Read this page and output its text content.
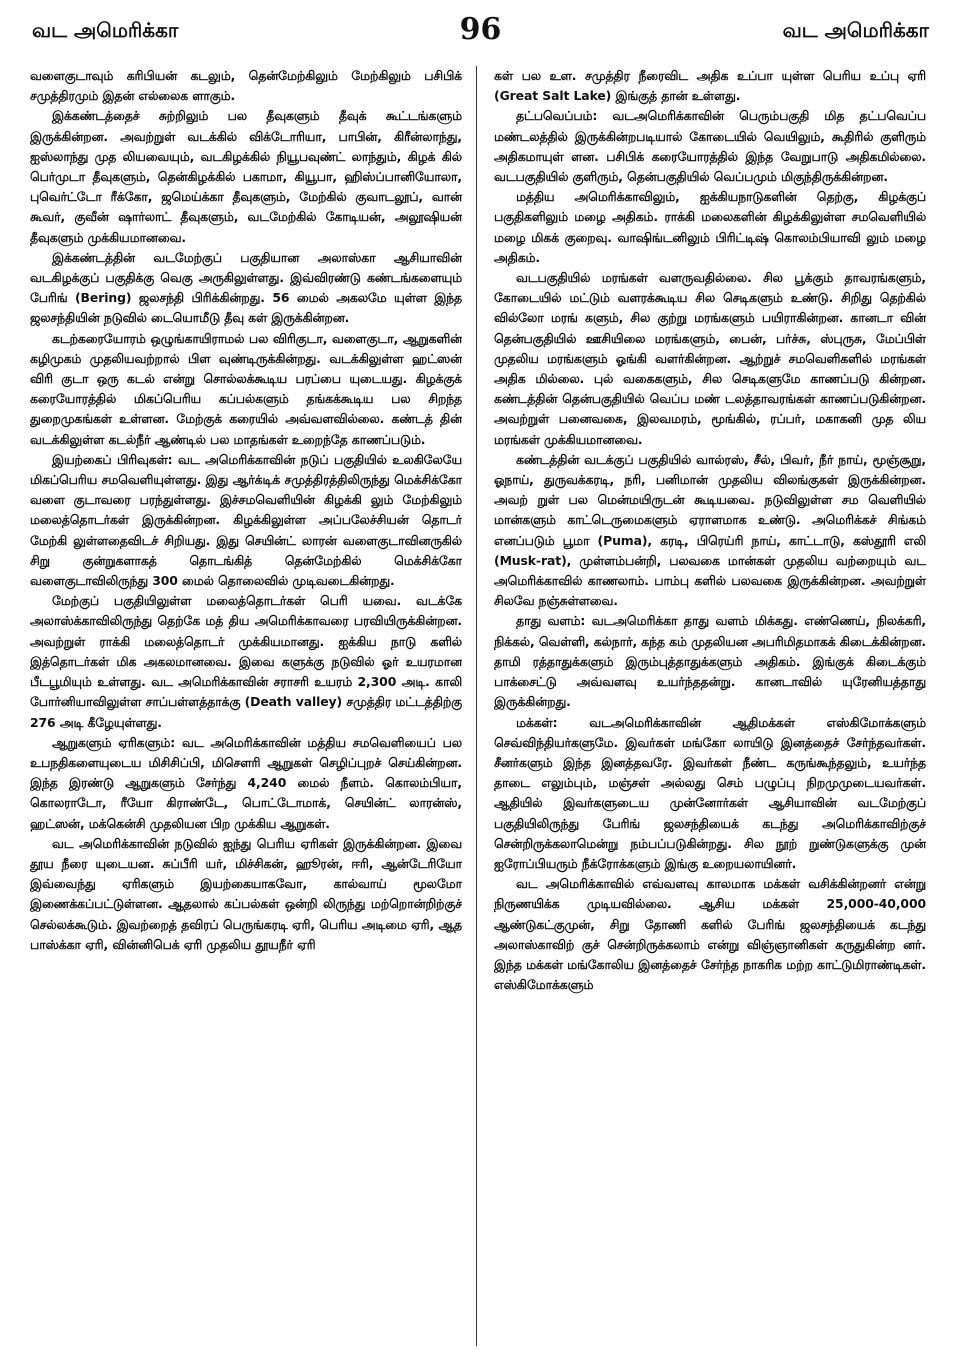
வட அமெரிக்கா	96	வட அமெரிக்கா

வளைகுடாவும் கரிபியன் கடலும், தென்மேற்கிலும் மேற்கிலும் பசிபிக் சமுத்திரமும் இதன் எல்லைக ளாகும்.

இக்கண்டத்தைச் சுற்றிலும் பல தீவுகளும் தீவுக் கூட்டங்களும் இருக்கின்றன. அவற்றுள் வடக்கில் விக்டோரியா, பாபின், கிரீன்லாந்து, ஐஸ்லாந்து முத லியவையும், வடகிழக்கில் நியூபவுண்ட் லாந்தும், கிழக் கில் பெர்முடா தீவுகளும், தென்கிழக்கில் பகாமா, கியூபா, ஹிஸ்ப்பானியோலா, புவெர்ட்டோ ரீக்கோ, ஜமெய்க்கா தீவுகளும், மேற்கில் குவாடலூப், வான் கூவர், குவீன் ஷார்லாட் தீவுகளும், வடமேற்கில் கோடியன், அலூஷியன் தீவுகளும் முக்கியமானவை.

இக்கண்டத்தின் வடமேற்குப் பகுதியான அலாஸ்கா ஆசியாவின் வடகிழக்குப் பகுதிக்கு வெகு அருகிலுள்ளது. இவ்விரண்டு கண்டங்களையும் பேரிங் (Bering) ஜலசந்தி பிரிக்கின்றது. 56 மைல் அகலமே யுள்ள இந்த ஜலசந்தியின் நடுவில் டையொமீடு தீவு கள் இருக்கின்றன.

கடற்கரையோரம் ஒழுங்காயிராமல் பல விரிகுடா, வளைகுடா, ஆறுகளின் கழிமுகம் முதலியவற்றால் பிள வுண்டிருக்கின்றது. வடக்கிலுள்ள ஹட்ஸன் விரி குடா ஒரு கடல் என்று சொல்லக்கூடிய பரப்பை யுடையது. கிழக்குக் கரையோரத்தில் மிகப்பெரிய கப்பல்களும் தங்கக்கூடிய பல சிறந்த துறைமுகங்கள் உள்ளன. மேற்குக் கரையில் அவ்வளவில்லை. கண்டத் தின் வடக்கிலுள்ள கடல்நீர் ஆண்டில் பல மாதங்கள் உறைந்தே காணப்படும்.

இயற்கைப் பிரிவுகள்: வட அமெரிக்காவின் நடுப் பகுதியில் உலகிலேயே மிகப்பெரிய சமவெளியுள்ளது. இது ஆர்க்டிக் சமுத்திரத்திலிருந்து மெக்சிக்கோ வளை குடாவரை பரந்துள்ளது. இச்சமவெளியின் கிழக்கி லும் மேற்கிலும் மலைத்தொடர்கள் இருக்கின்றன. கிழக்கிலுள்ள அப்பலேச்சியன் தொடர் மேற்கி லுள்ளதைவிடச் சிறியது. இது செயின்ட் லாரன் வளைகுடாவினருகில் சிறு குன்றுகளாகத் தொடங்கித் தென்மேற்கில் மெக்சிக்கோ வளைகுடாவிலிருந்து 300 மைல் தொலைவில் முடிவடைகின்றது.

மேற்குப் பகுதியிலுள்ள மலைத்தொடர்கள் பெரி யவை. வடக்கே அலாஸ்க்காவிலிருந்து தெற்கே மத் திய அமெரிக்காவரை பரவியிருக்கின்றன. அவற்றுள் ராக்கி மலைத்தொடர் முக்கியமானது. ஐக்கிய நாடு களில் இத்தொடர்கள் மிக அகலமானவை. இவை களுக்கு நடுவில் ஓர் உயரமான பீடபூமியும் உள்ளது. வட அமெரிக்காவின் சராசரி உயரம் 2,300 அடி. காலி போர்னியாவிலுள்ள சாப்பள்ளத்தாக்கு (Death valley) சமுத்திர மட்டத்திற்கு 276 அடி கீழேயுள்ளது.

ஆறுகளும் ஏரிகளும்: வட அமெரிக்காவின் மத்திய சமவெளியைப் பல உபநதிகளையுடைய மிசிசிப்பி, மிசௌரி ஆறுகள் செழிப்புறச் செய்கின்றன. இந்த இரண்டு ஆறுகளும் சேர்ந்து 4,240 மைல் நீளம். கொலம்பியா, கொலராடோ, ரீயோ கிராண்டே, பொட்டோமாக், செயின்ட் லாரன்ஸ், ஹட்ஸன், மக்கென்சி முதலியன பிற முக்கிய ஆறுகள்.

வட அமெரிக்காவின் நடுவில் ஐந்து பெரிய ஏரிகள் இருக்கின்றன. இவை தூய நீரை யுடையன. சுப்பீரி யர், மிச்சிகன், ஹூரன், ஈரி, ஆன்டேரியோ இவ்வைந்து ஏரிகளும் இயற்கையாகவோ, கால்வாய் மூலமோ இணைக்கப்பட்டுள்ளன. ஆதலால் கப்பல்கள் ஒன்றி லிருந்து மற்றொன்றிற்குச் செல்லக்கூடும். இவற்றைத் தவிரப் பெருங்கரடி ஏரி, பெரிய அடிமை ஏரி, ஆத பாஸ்க்கா ஏரி, வின்னிபெக் ஏரி முதலிய தூயநீர் ஏரி

கள் பல உள. சமுத்திர நீரைவிட அதிக உப்பா யுள்ள பெரிய உப்பு ஏரி (Great Salt Lake) இங்குத் தான் உள்ளது.

தட்பவெப்பம்: வடஅமெரிக்காவின் பெரும்பகுதி மித தட்பவெப்ப மண்டலத்தில் இருக்கின்றபடியால் கோடையில் வெயிலும், கூதிரில் குளிரும் அதிகமாயுள் ளன. பசிபிக் கரையோரத்தில் இந்த வேறுபாடு அதிகமில்லை. வடபகுதியில் குளிரும், தென்பகுதியில் வெப்பமும் மிகுந்திருக்கின்றன.

மத்திய அமெரிக்காவிலும், ஐக்கியநாடுகளின் தெற்கு, கிழக்குப் பகுதிகளிலும் மழை அதிகம். ராக்கி மலைகளின் கிழக்கிலுள்ள சமவெளியில் மழை மிகக் குறைவு. வாஷிங்டனிலும் பிரிட்டிஷ் கொலம்பியாவி லும் மழை அதிகம்.

வடபகுதியில் மரங்கள் வளருவதில்லை. சில பூக்கும் தாவரங்களும், கோடையில் மட்டும் வளரக்கூடிய சில செடிகளும் உண்டு. சிறிது தெற்கில் வில்லோ மரங் களும், சில குற்று மரங்களும் பயிராகின்றன. கானடா வின் தென்பகுதியில் ஊசியிலை மரங்களும், பைன், பர்ச்சு, ஸ்புருசு, மேப்பிள் முதலிய மரங்களும் ஓங்கி வளர்கின்றன. ஆற்றுச் சமவெளிகளில் மரங்கள் அதிக மில்லை. புல் வகைகளும், சில செடிகளுமே காணப்படு கின்றன. கண்டத்தின் தென்பகுதியில் வெப்ப மண் டலத்தாவரங்கள் காணப்படுகின்றன. அவற்றுள் பனைவகை, இலவமரம், மூங்கில், ரப்பர், மகாகனி முத லிய மரங்கள் முக்கியமானவை.

கண்டத்தின் வடக்குப் பகுதியில் வால்ரஸ், சீல், பிவர், நீர் நாய், மூஞ்சூறு, ஓநாய், துருவக்கரடி, நரி, பனிமான் முதலிய விலங்குகள் இருக்கின்றன. அவற் றுள் பல மென்மயிருடன் கூடியவை. நடுவிலுள்ள சம வெளியில் மான்களும் காட்டெருமைகளும் ஏராளமாக உண்டு. அமெரிக்கச் சிங்கம் எனப்படும் பூமா (Puma), கரடி, பிரெய்ரி நாய், காட்டாடு, கஸ்தூரி எலி (Musk-rat), முள்ளம்பன்றி, பலவகை மான்கள் முதலிய வற்றையும் வட அமெரிக்காவில் காணலாம். பாம்பு களில் பலவகை இருக்கின்றன. அவற்றுள் சிலவே நஞ்சுள்ளவை.

தாது வளம்: வடஅமெரிக்கா தாது வளம் மிக்கது. எண்ணெய், நிலக்கரி, நிக்கல், வெள்ளி, கல்நார், கந்த கம் முதலியன அபரிமிதமாகக் கிடைக்கின்றன. தாமி ரத்தாதுக்களும் இரும்புத்தாதுக்களும் அதிகம். இங்குக் கிடைக்கும் பாக்சைட்டு அவ்வளவு உயர்ந்ததன்று. கானடாவில் யுரேனியத்தாது இருக்கின்றது.

மக்கள்: வடஅமெரிக்காவின் ஆதிமக்கள் எஸ்கிமோக்களும் செவ்விந்தியர்களுமே. இவர்கள் மங்கோ லாயிடு இனத்தைச் சேர்ந்தவர்கள். சீனர்களும் இந்த இனத்தவரே. இவர்கள் நீண்ட கருங்கூந்தலும், உயர்ந்த தாடை எலும்பும், மஞ்சள் அல்லது செம் பழுப்பு நிறமுமுடையவர்கள். ஆதியில் இவர்களுடைய முன்னோர்கள் ஆசியாவின் வடமேற்குப் பகுதியிலிருந்து பேரிங் ஜலசந்தியைக் கடந்து அமெரிக்காவிற்குச் சென்றிருக்கலாமென்று நம்பப்படுகின்றது. சில நூற் றுண்டுகளுக்கு முன் ஐரோப்பியரும் நீக்ரோக்களும் இங்கு உறையலாயினர்.

வட அமெரிக்காவில் எவ்வளவு காலமாக மக்கள் வசிக்கின்றனர் என்று நிருணயிக்க முடியவில்லை. ஆசிய மக்கள் 25,000-40,000 ஆண்டுகட்குமுன், சிறு தோணி களில் பேரிங் ஜலசந்தியைக் கடந்து அலாஸ்காவிற் குச் சென்றிருக்கலாம் என்று விஞ்ஞானிகள் கருதுகின்ற னர். இந்த மக்கள் மங்கோலிய இனத்தைச் சேர்ந்த நாகரிக மற்ற காட்டுமிராண்டிகள். எஸ்கிமோக்களும்
